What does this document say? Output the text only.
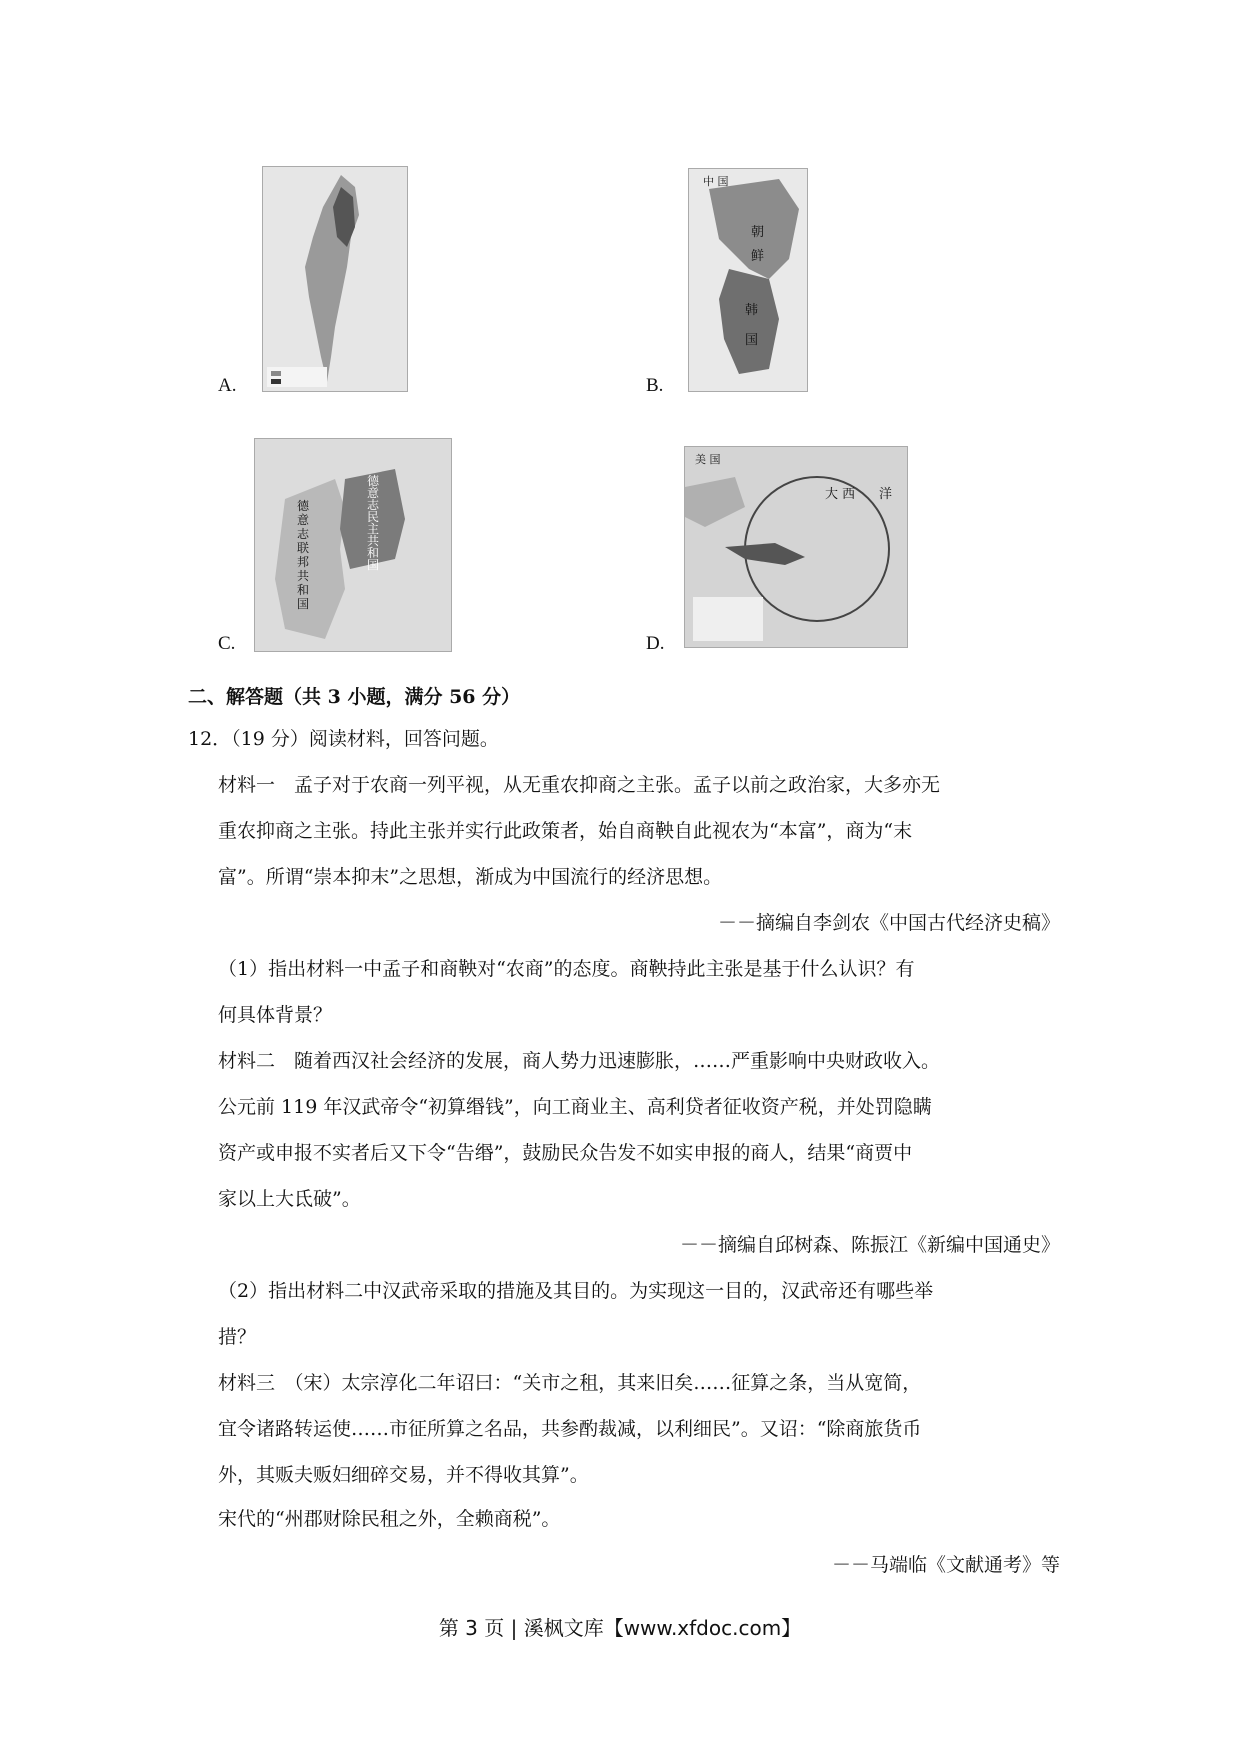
A.
中 国
朝
鲜
韩
国
B.
德意志联邦共和国
德意志民主共和国
C.
美 国
大 西 洋
D.
二、解答题（共 3 小题，满分 56 分）
12．（19 分）阅读材料，回答问题。
材料一　孟子对于农商一列平视，从无重农抑商之主张。孟子以前之政治家，大多亦无
重农抑商之主张。持此主张并实行此政策者，始自商鞅自此视农为“本富”，商为“末
富”。所谓“崇本抑末”之思想，渐成为中国流行的经济思想。
－－摘编自李剑农《中国古代经济史稿》
（1）指出材料一中孟子和商鞅对“农商”的态度。商鞅持此主张是基于什么认识？有
何具体背景？
材料二　随着西汉社会经济的发展，商人势力迅速膨胀，……严重影响中央财政收入。
公元前 119 年汉武帝令“初算缗钱”，向工商业主、高利贷者征收资产税，并处罚隐瞒
资产或申报不实者后又下令“告缗”，鼓励民众告发不如实申报的商人，结果“商贾中
家以上大氐破”。
－－摘编自邱树森、陈振江《新编中国通史》
（2）指出材料二中汉武帝采取的措施及其目的。为实现这一目的，汉武帝还有哪些举
措？
材料三　（宋）太宗淳化二年诏曰：“关市之租，其来旧矣……征算之条，当从宽简，
宜令诸路转运使……市征所算之名品，共参酌裁减，以利细民”。又诏：“除商旅货币
外，其贩夫贩妇细碎交易，并不得收其算”。
宋代的“州郡财除民租之外，全赖商税”。
－－马端临《文献通考》等
第 3 页 | 溪枫文库【www.xfdoc.com】
